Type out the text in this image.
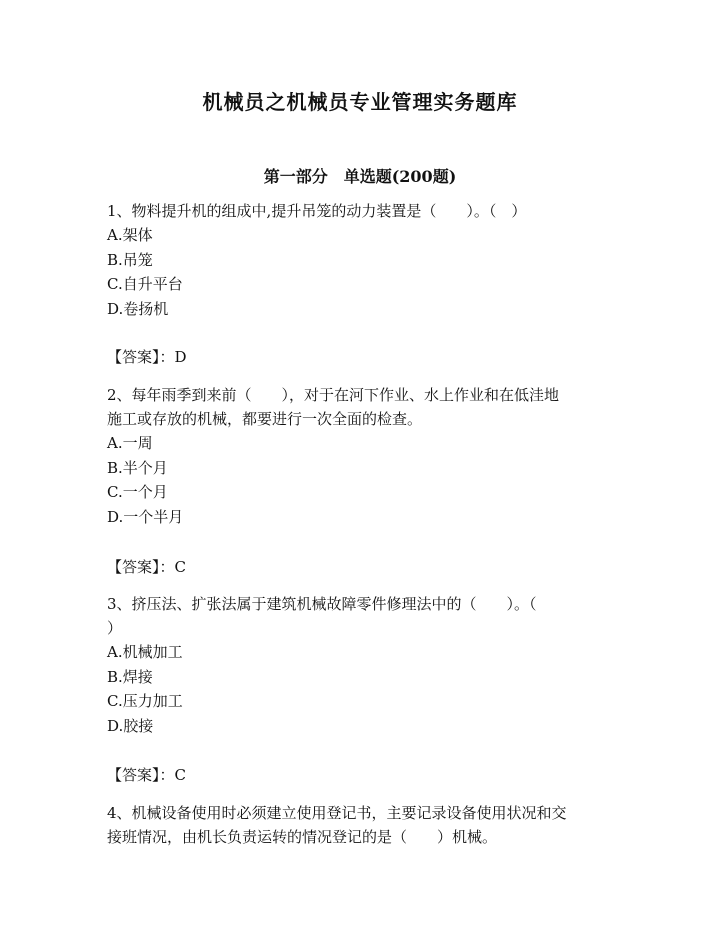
机械员之机械员专业管理实务题库
第一部分　单选题(200题)

1、物料提升机的组成中,提升吊笼的动力装置是（　　）。（　）

A.架体

B.吊笼

C.自升平台

D.卷扬机

【答案】：D

2、每年雨季到来前（　　），对于在河下作业、水上作业和在低洼地

施工或存放的机械，都要进行一次全面的检查。

A.一周

B.半个月

C.一个月

D.一个半月

【答案】：C

3、挤压法、扩张法属于建筑机械故障零件修理法中的（　　）。（

）

A.机械加工

B.焊接

C.压力加工

D.胶接

【答案】：C

4、机械设备使用时必须建立使用登记书，主要记录设备使用状况和交

接班情况，由机长负责运转的情况登记的是（　　）机械。
